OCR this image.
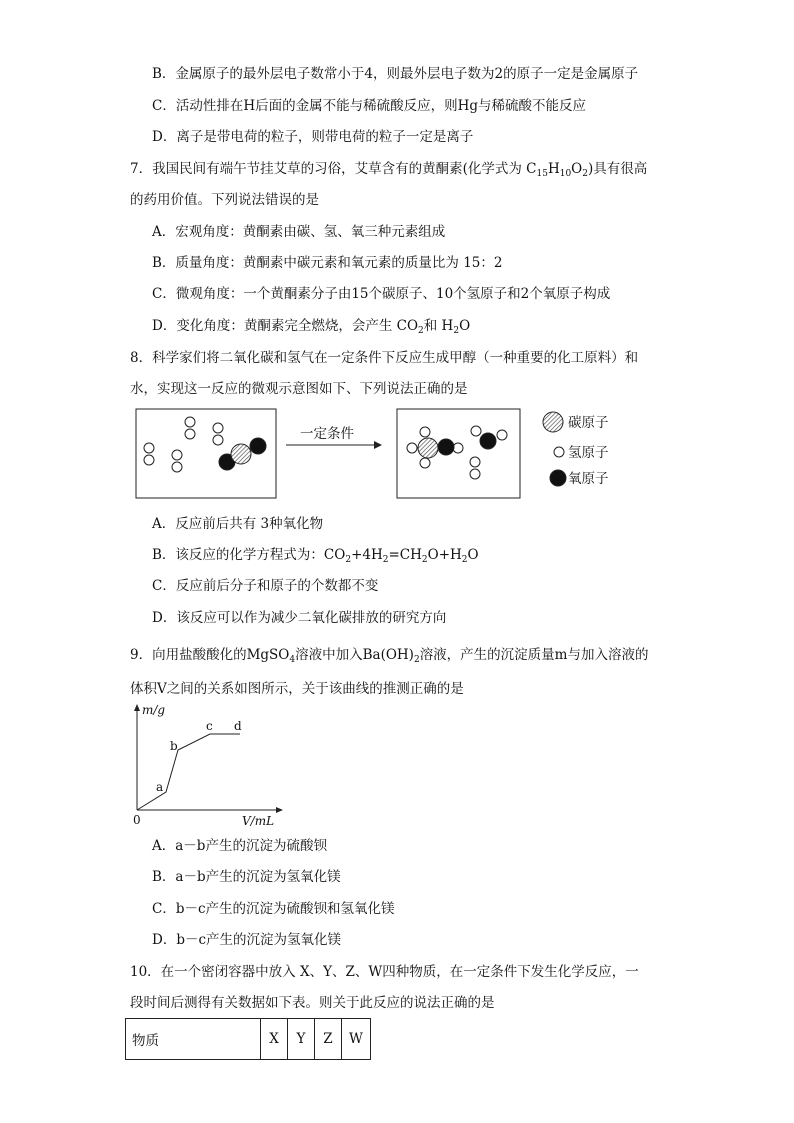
B．金属原子的最外层电子数常小于4，则最外层电子数为2的原子一定是金属原子
C．活动性排在H后面的金属不能与稀硫酸反应，则Hg与稀硫酸不能反应
D．离子是带电荷的粒子，则带电荷的粒子一定是离子
7．我国民间有端午节挂艾草的习俗，艾草含有的黄酮素(化学式为 $C_{15}H_{10}O_2$)具有很高
的药用价值。下列说法错误的是
A．宏观角度：黄酮素由碳、氢、氧三种元素组成
B．质量角度：黄酮素中碳元素和氧元素的质量比为 15：2
C．微观角度：一个黄酮素分子由15个碳原子、10个氢原子和2个氧原子构成
D．变化角度：黄酮素完全燃烧，会产生 $CO_2$和 $H_2O$
8．科学家们将二氧化碳和氢气在一定条件下反应生成甲醇（一种重要的化工原料）和
水，实现这一反应的微观示意图如下、下列说法正确的是
一定条件
碳原子
氢原子
氧原子
A．反应前后共有 3种氧化物
B．该反应的化学方程式为：$CO_2+4H_2=CH_2O+H_2O$
C．反应前后分子和原子的个数都不变
D．该反应可以作为减少二氧化碳排放的研究方向
9．向用盐酸酸化的MgSO$_4$溶液中加入$Ba(OH)_2$溶液，产生的沉淀质量m与加入溶液的
体积V之间的关系如图所示，关于该曲线的推测正确的是
m/g
V/mL
0
a
b
c d
A．a－b产生的沉淀为硫酸钡
B．a－b产生的沉淀为氢氧化镁
C．b－c产生的沉淀为硫酸钡和氢氧化镁
D．b－c产生的沉淀为氢氧化镁
10．在一个密闭容器中放入 X、Y、Z、W四种物质，在一定条件下发生化学反应，一
段时间后测得有关数据如下表。则关于此反应的说法正确的是
物质	X	Y	Z	W
